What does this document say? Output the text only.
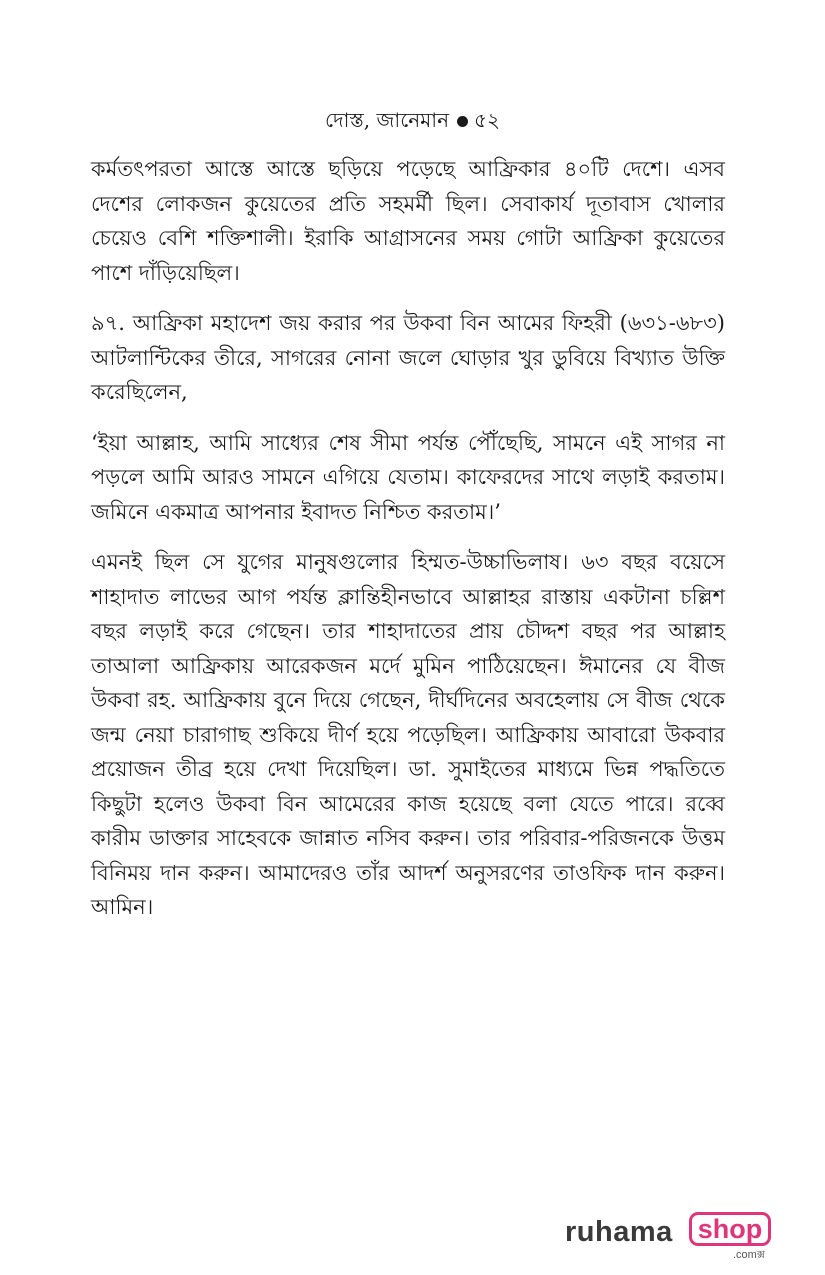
দোস্ত, জানেমান ৫২

কর্মতৎপরতা আস্তে আস্তে ছড়িয়ে পড়েছে আফ্রিকার ৪০টি দেশে। এসব দেশের লোকজন কুয়েতের প্রতি সহমর্মী ছিল। সেবাকার্য দূতাবাস খোলার চেয়েও বেশি শক্তিশালী। ইরাকি আগ্রাসনের সময় গোটা আফ্রিকা কুয়েতের পাশে দাঁড়িয়েছিল।

৯৭. আফ্রিকা মহাদেশ জয় করার পর উকবা বিন আমের ফিহরী (৬৩১-৬৮৩) আটলান্টিকের তীরে, সাগরের নোনা জলে ঘোড়ার খুর ডুবিয়ে বিখ্যাত উক্তি করেছিলেন,

‘ইয়া আল্লাহ, আমি সাধ্যের শেষ সীমা পর্যন্ত পৌঁছেছি, সামনে এই সাগর না পড়লে আমি আরও সামনে এগিয়ে যেতাম। কাফেরদের সাথে লড়াই করতাম। জমিনে একমাত্র আপনার ইবাদত নিশ্চিত করতাম।’

এমনই ছিল সে যুগের মানুষগুলোর হিম্মত-উচ্চাভিলাষ। ৬৩ বছর বয়েসে শাহাদাত লাভের আগ পর্যন্ত ক্লান্তিহীনভাবে আল্লাহর রাস্তায় একটানা চল্লিশ বছর লড়াই করে গেছেন। তার শাহাদাতের প্রায় চৌদ্দশ বছর পর আল্লাহ তাআলা আফ্রিকায় আরেকজন মর্দে মুমিন পাঠিয়েছেন। ঈমানের যে বীজ উকবা রহ. আফ্রিকায় বুনে দিয়ে গেছেন, দীর্ঘদিনের অবহেলায় সে বীজ থেকে জন্ম নেয়া চারাগাছ শুকিয়ে দীর্ণ হয়ে পড়েছিল। আফ্রিকায় আবারো উকবার প্রয়োজন তীব্র হয়ে দেখা দিয়েছিল। ডা. সুমাইতের মাধ্যমে ভিন্ন পদ্ধতিতে কিছুটা হলেও উকবা বিন আমেরের কাজ হয়েছে বলা যেতে পারে। রব্বে কারীম ডাক্তার সাহেবকে জান্নাত নসিব করুন। তার পরিবার-পরিজনকে উত্তম বিনিময় দান করুন। আমাদেরও তাঁর আদর্শ অনুসরণের তাওফিক দান করুন। আমিন।

ruhama shop
.comক্স
